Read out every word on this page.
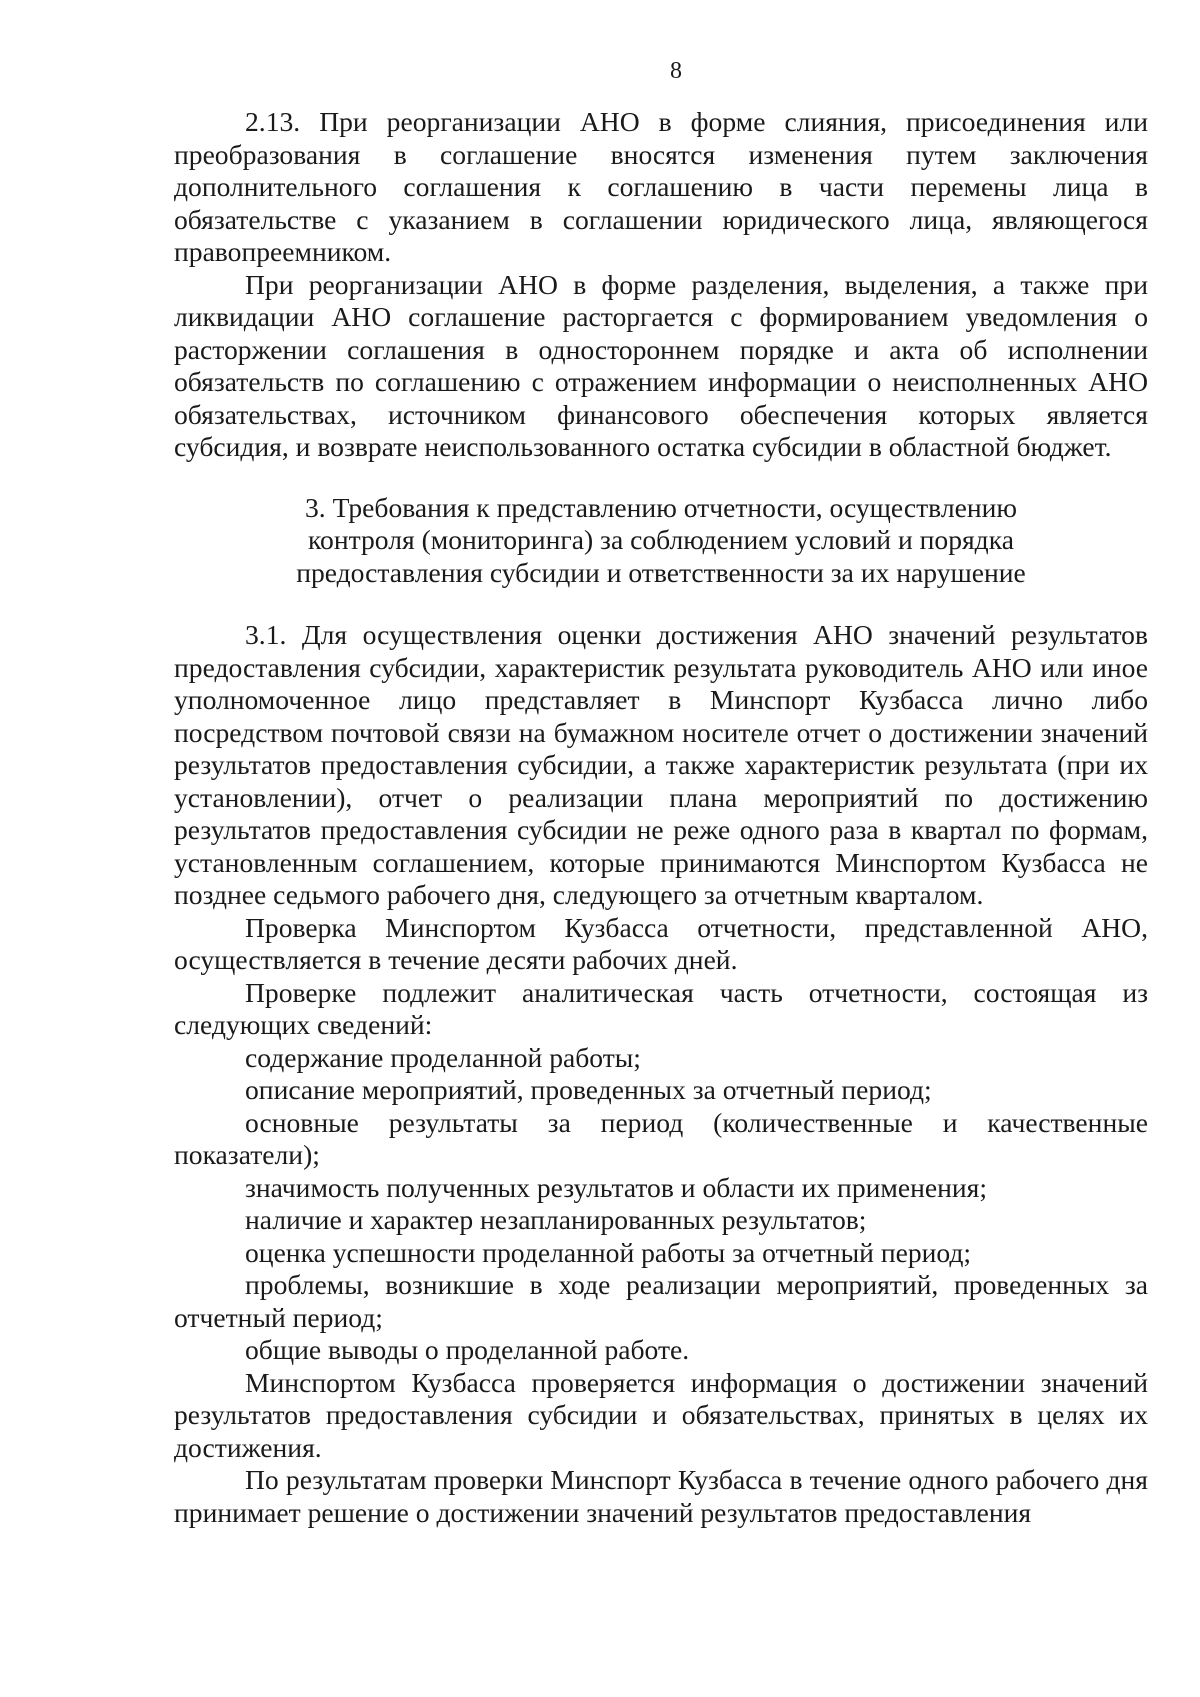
8

2.13. При реорганизации АНО в форме слияния, присоединения или преобразования в соглашение вносятся изменения путем заключения дополнительного соглашения к соглашению в части перемены лица в обязательстве с указанием в соглашении юридического лица, являющегося правопреемником.

При реорганизации АНО в форме разделения, выделения, а также при ликвидации АНО соглашение расторгается с формированием уведомления о расторжении соглашения в одностороннем порядке и акта об исполнении обязательств по соглашению с отражением информации о неисполненных АНО обязательствах, источником финансового обеспечения которых является субсидия, и возврате неиспользованного остатка субсидии в областной бюджет.

3. Требования к представлению отчетности, осуществлению
контроля (мониторинга) за соблюдением условий и порядка
предоставления субсидии и ответственности за их нарушение

3.1. Для осуществления оценки достижения АНО значений результатов предоставления субсидии, характеристик результата руководитель АНО или иное уполномоченное лицо представляет в Минспорт Кузбасса лично либо посредством почтовой связи на бумажном носителе отчет о достижении значений результатов предоставления субсидии, а также характеристик результата (при их установлении), отчет о реализации плана мероприятий по достижению результатов предоставления субсидии не реже одного раза в квартал по формам, установленным соглашением, которые принимаются Минспортом Кузбасса не позднее седьмого рабочего дня, следующего за отчетным кварталом.

Проверка Минспортом Кузбасса отчетности, представленной АНО, осуществляется в течение десяти рабочих дней.

Проверке подлежит аналитическая часть отчетности, состоящая из следующих сведений:

содержание проделанной работы;

описание мероприятий, проведенных за отчетный период;

основные результаты за период (количественные и качественные показатели);

значимость полученных результатов и области их применения;

наличие и характер незапланированных результатов;

оценка успешности проделанной работы за отчетный период;

проблемы, возникшие в ходе реализации мероприятий, проведенных за отчетный период;

общие выводы о проделанной работе.

Минспортом Кузбасса проверяется информация о достижении значений результатов предоставления субсидии и обязательствах, принятых в целях их достижения.

По результатам проверки Минспорт Кузбасса в течение одного рабочего дня принимает решение о достижении значений результатов предоставления
